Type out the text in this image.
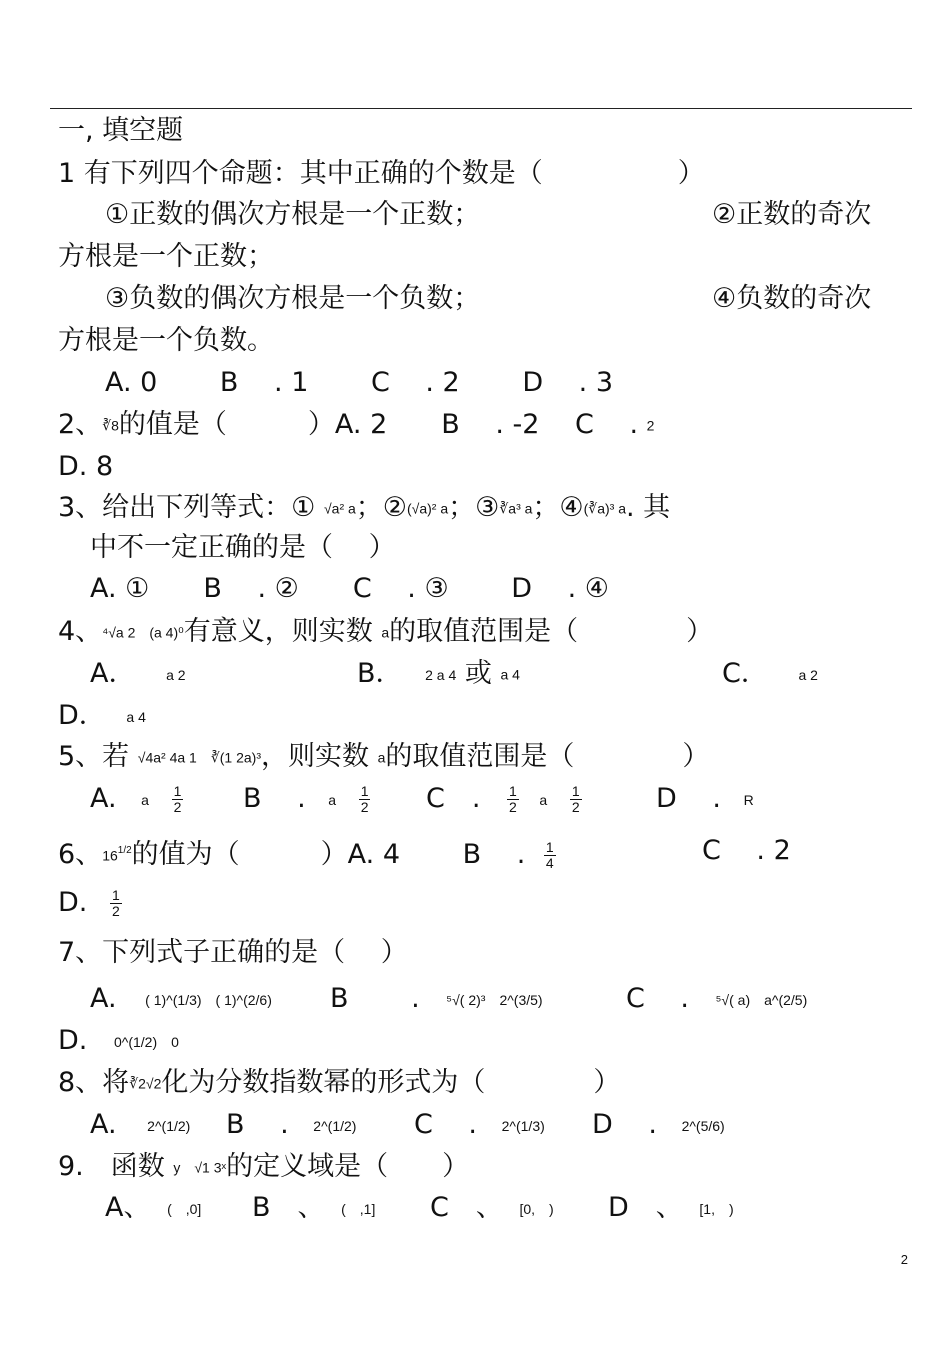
一, 填空题
1 有下列四个命题：其中正确的个数是（　　　　　）
①正数的偶次方根是一个正数；	②正数的奇次
方根是一个正数；
③负数的偶次方根是一个负数；	④负数的奇次
方根是一个负数。
A. 0　　 B　 . 1　　 C　 . 2　　 D　 . 3
2、∛8的值是（　　　）A. 2　　B　 . -2　 C　 . 2
D. 8
3、给出下列等式：① √a² a；②(√a)² a；③∛a³ a；④(∛a)³ a. 其
中不一定正确的是（　 ）
A. ①　　B　 . ②　　C　 . ③　　 D　 . ④
4、⁴√a 2　(a 4)⁰有意义，则实数 a的取值范围是（　　　　）
A． a 2	B． 2 a 4 或 a 4	C． a 2
D． a 4
5、若 √4a² 4a 1　∛(1 2a)³，则实数 a的取值范围是（　　　　）
A. a $\frac{1}{2}$ B　 . a $\frac{1}{2}$ C　. $\frac{1}{2}$ a $\frac{1}{2}$	D　 . R
6、$16^{1/2}$的值为（　　　）A. 4　　 B　 . $\frac{1}{4}$	C　 . 2
D. $\frac{1}{2}$
7、下列式子正确的是（　 ）
A. ( 1)^(1/3)　( 1)^(2/6) B　　 . ⁵√( 2)³　2^(3/5)	C　 . ⁵√( a)　a^(2/5)
D. 0^(1/2)　0
8、将∛2√2化为分数指数幂的形式为（　　　　）
A. 2^(1/2) B　 . 2^(1/2) C　 . 2^(1/3) D　 . 2^(5/6)
9.　函数 y　√1 3ˣ的定义域是（　　）
A、 (　,0] B　、 (　,1] C　、 [0,　) D　、 [1,　)
2
